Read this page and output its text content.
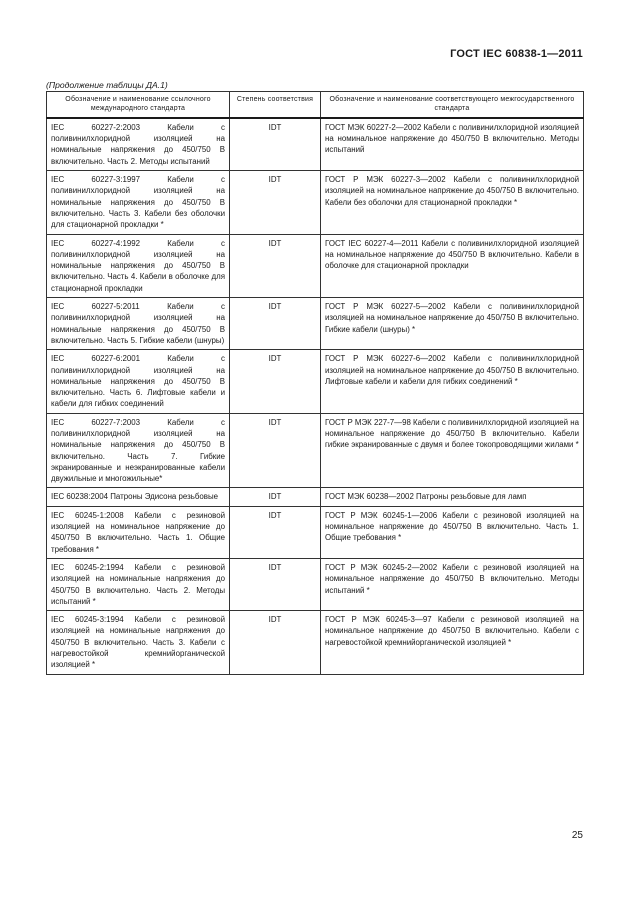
ГОСТ IEC 60838-1—2011
(Продолжение таблицы ДА.1)
Обозначение и наименование ссылочного международного стандарта	Степень соответствия	Обозначение и наименование соответствующего межгосударственного стандарта
IEC 60227-2:2003 Кабели с поливинилхлоридной изоляцией на номинальные напряжения до 450/750 В включительно. Часть 2. Методы испытаний	IDT	ГОСТ МЭК 60227-2—2002 Кабели с поливинилхлоридной изоляцией на номинальное напряжение до 450/750 В включительно. Методы испытаний
IEC 60227-3:1997 Кабели с поливинилхлоридной изоляцией на номинальные напряжения до 450/750 В включительно. Часть 3. Кабели без оболочки для стационарной прокладки *	IDT	ГОСТ Р МЭК 60227-3—2002 Кабели с поливинилхлоридной изоляцией на номинальное напряжение до 450/750 В включительно. Кабели без оболочки для стационарной прокладки *
IEC 60227-4:1992 Кабели с поливинилхлоридной изоляцией на номинальные напряжения до 450/750 В включительно. Часть 4. Кабели в оболочке для стационарной прокладки	IDT	ГОСТ IEC 60227-4—2011 Кабели с поливинилхлоридной изоляцией на номинальное напряжение до 450/750 В включительно. Кабели в оболочке для стационарной прокладки
IEC 60227-5:2011 Кабели с поливинилхлоридной изоляцией на номинальные напряжения до 450/750 В включительно. Часть 5. Гибкие кабели (шнуры)	IDT	ГОСТ Р МЭК 60227-5—2002 Кабели с поливинилхлоридной изоляцией на номинальное напряжение до 450/750 В включительно. Гибкие кабели (шнуры) *
IEC 60227-6:2001 Кабели с поливинилхлоридной изоляцией на номинальные напряжения до 450/750 В включительно. Часть 6. Лифтовые кабели и кабели для гибких соединений	IDT	ГОСТ Р МЭК 60227-6—2002 Кабели с поливинилхлоридной изоляцией на номинальное напряжение до 450/750 В включительно. Лифтовые кабели и кабели для гибких соединений *
IEC 60227-7:2003 Кабели с поливинилхлоридной изоляцией на номинальные напряжения до 450/750 В включительно. Часть 7. Гибкие экранированные и неэкранированные кабели двужильные и многожильные*	IDT	ГОСТ Р МЭК 227-7—98 Кабели с поливинилхлоридной изоляцией на номинальное напряжение до 450/750 В включительно. Кабели гибкие экранированные с двумя и более токопроводящими жилами *
IEC 60238:2004 Патроны Эдисона резьбовые	IDT	ГОСТ МЭК 60238—2002 Патроны резьбовые для ламп
IEC 60245-1:2008 Кабели с резиновой изоляцией на номинальное напряжение до 450/750 В включительно. Часть 1. Общие требования *	IDT	ГОСТ Р МЭК 60245-1—2006 Кабели с резиновой изоляцией на номинальное напряжение до 450/750 В включительно. Часть 1. Общие требования *
IEC 60245-2:1994 Кабели с резиновой изоляцией на номинальные напряжения до 450/750 В включительно. Часть 2. Методы испытаний *	IDT	ГОСТ Р МЭК 60245-2—2002 Кабели с резиновой изоляцией на номинальное напряжение до 450/750 В включительно. Методы испытаний *
IEC 60245-3:1994 Кабели с резиновой изоляцией на номинальные напряжения до 450/750 В включительно. Часть 3. Кабели с нагревостойкой кремнийорганической изоляцией *	IDT	ГОСТ Р МЭК 60245-3—97 Кабели с резиновой изоляцией на номинальное напряжение до 450/750 В включительно. Кабели с нагревостойкой кремнийорганической изоляцией *
25
